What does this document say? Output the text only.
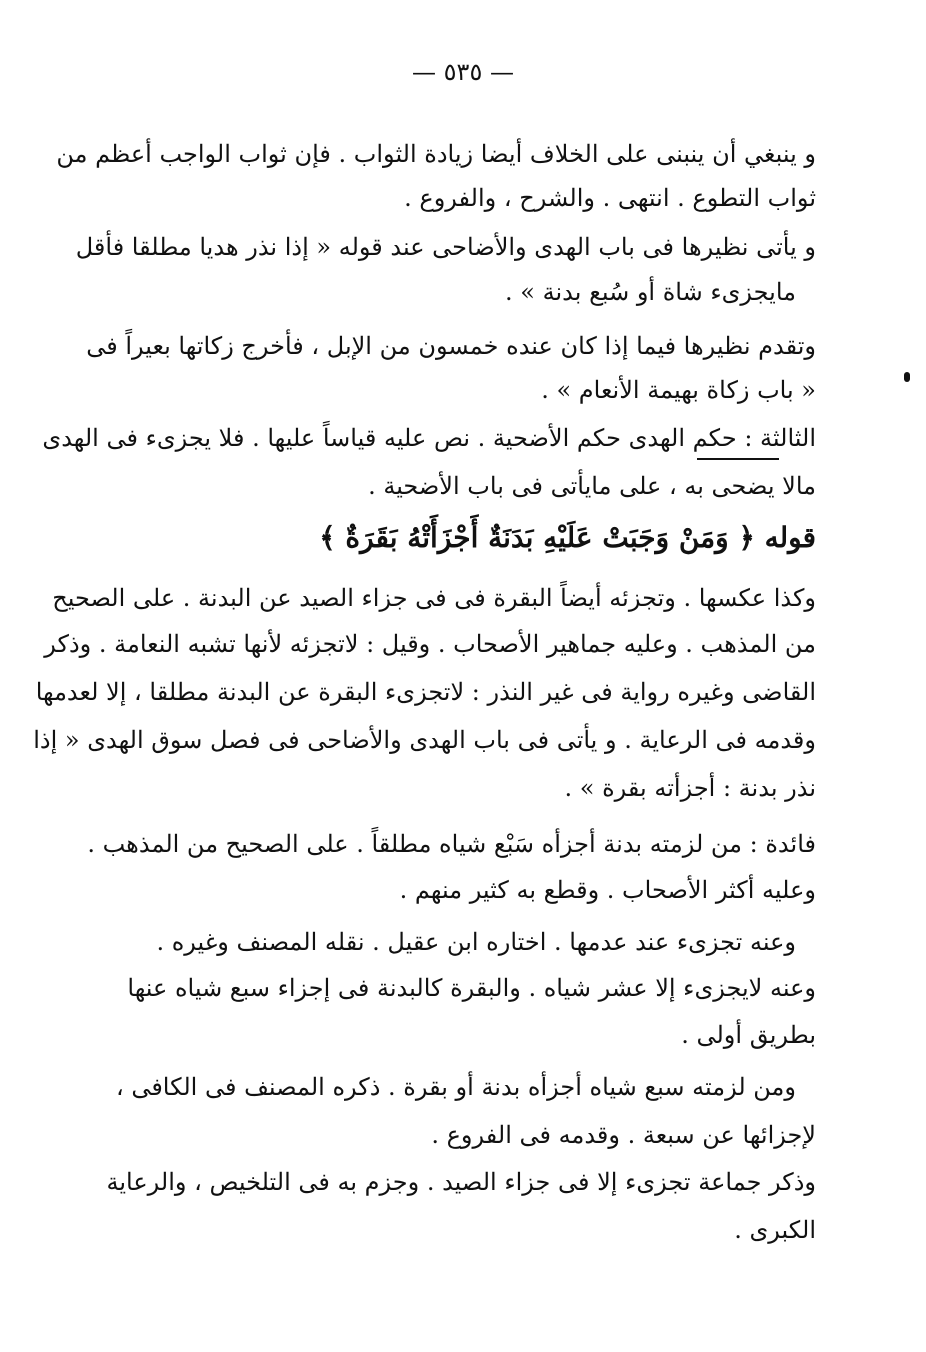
— ٥٣٥ —
و ينبغي أن ينبنى على الخلاف أيضا زيادة الثواب . فإن ثواب الواجب أعظم من
ثواب التطوع . انتهى . والشرح ، والفروع .
و يأتى نظيرها فى باب الهدى والأضاحى عند قوله « إذا نذر هديا مطلقا فأقل
مايجزىء شاة أو سُبع بدنة » .
وتقدم نظيرها فيما إذا كان عنده خمسون من الإبل ، فأخرج زكاتها بعيراً فى
« باب زكاة بهيمة الأنعام » .
الثالثة : حكم الهدى حكم الأضحية . نص عليه قياساً عليها . فلا يجزىء فى الهدى
مالا يضحى به ، على مايأتى فى باب الأضحية .
قوله ﴿ وَمَنْ وَجَبَتْ عَلَيْهِ بَدَنَةٌ أَجْزَأَتْهُ بَقَرَةٌ ﴾
وكذا عكسها . وتجزئه أيضاً البقرة فى فى جزاء الصيد عن البدنة . على الصحيح
من المذهب . وعليه جماهير الأصحاب . وقيل : لاتجزئه لأنها تشبه النعامة . وذكر
القاضى وغيره رواية فى غير النذر : لاتجزىء البقرة عن البدنة مطلقا ، إلا لعدمها
وقدمه فى الرعاية . و يأتى فى باب الهدى والأضاحى فى فصل سوق الهدى « إذا
نذر بدنة : أجزأته بقرة » .
فائدة : من لزمته بدنة أجزأه سَبْع شياه مطلقاً . على الصحيح من المذهب .
وعليه أكثر الأصحاب . وقطع به كثير منهم .
وعنه تجزىء عند عدمها . اختاره ابن عقيل . نقله المصنف وغيره .
وعنه لايجزىء إلا عشر شياه . والبقرة كالبدنة فى إجزاء سبع شياه عنها
بطريق أولى .
ومن لزمته سبع شياه أجزأه بدنة أو بقرة . ذكره المصنف فى الكافى ،
لإجزائها عن سبعة . وقدمه فى الفروع .
وذكر جماعة تجزىء إلا فى جزاء الصيد . وجزم به فى التلخيص ، والرعاية
الكبرى .
